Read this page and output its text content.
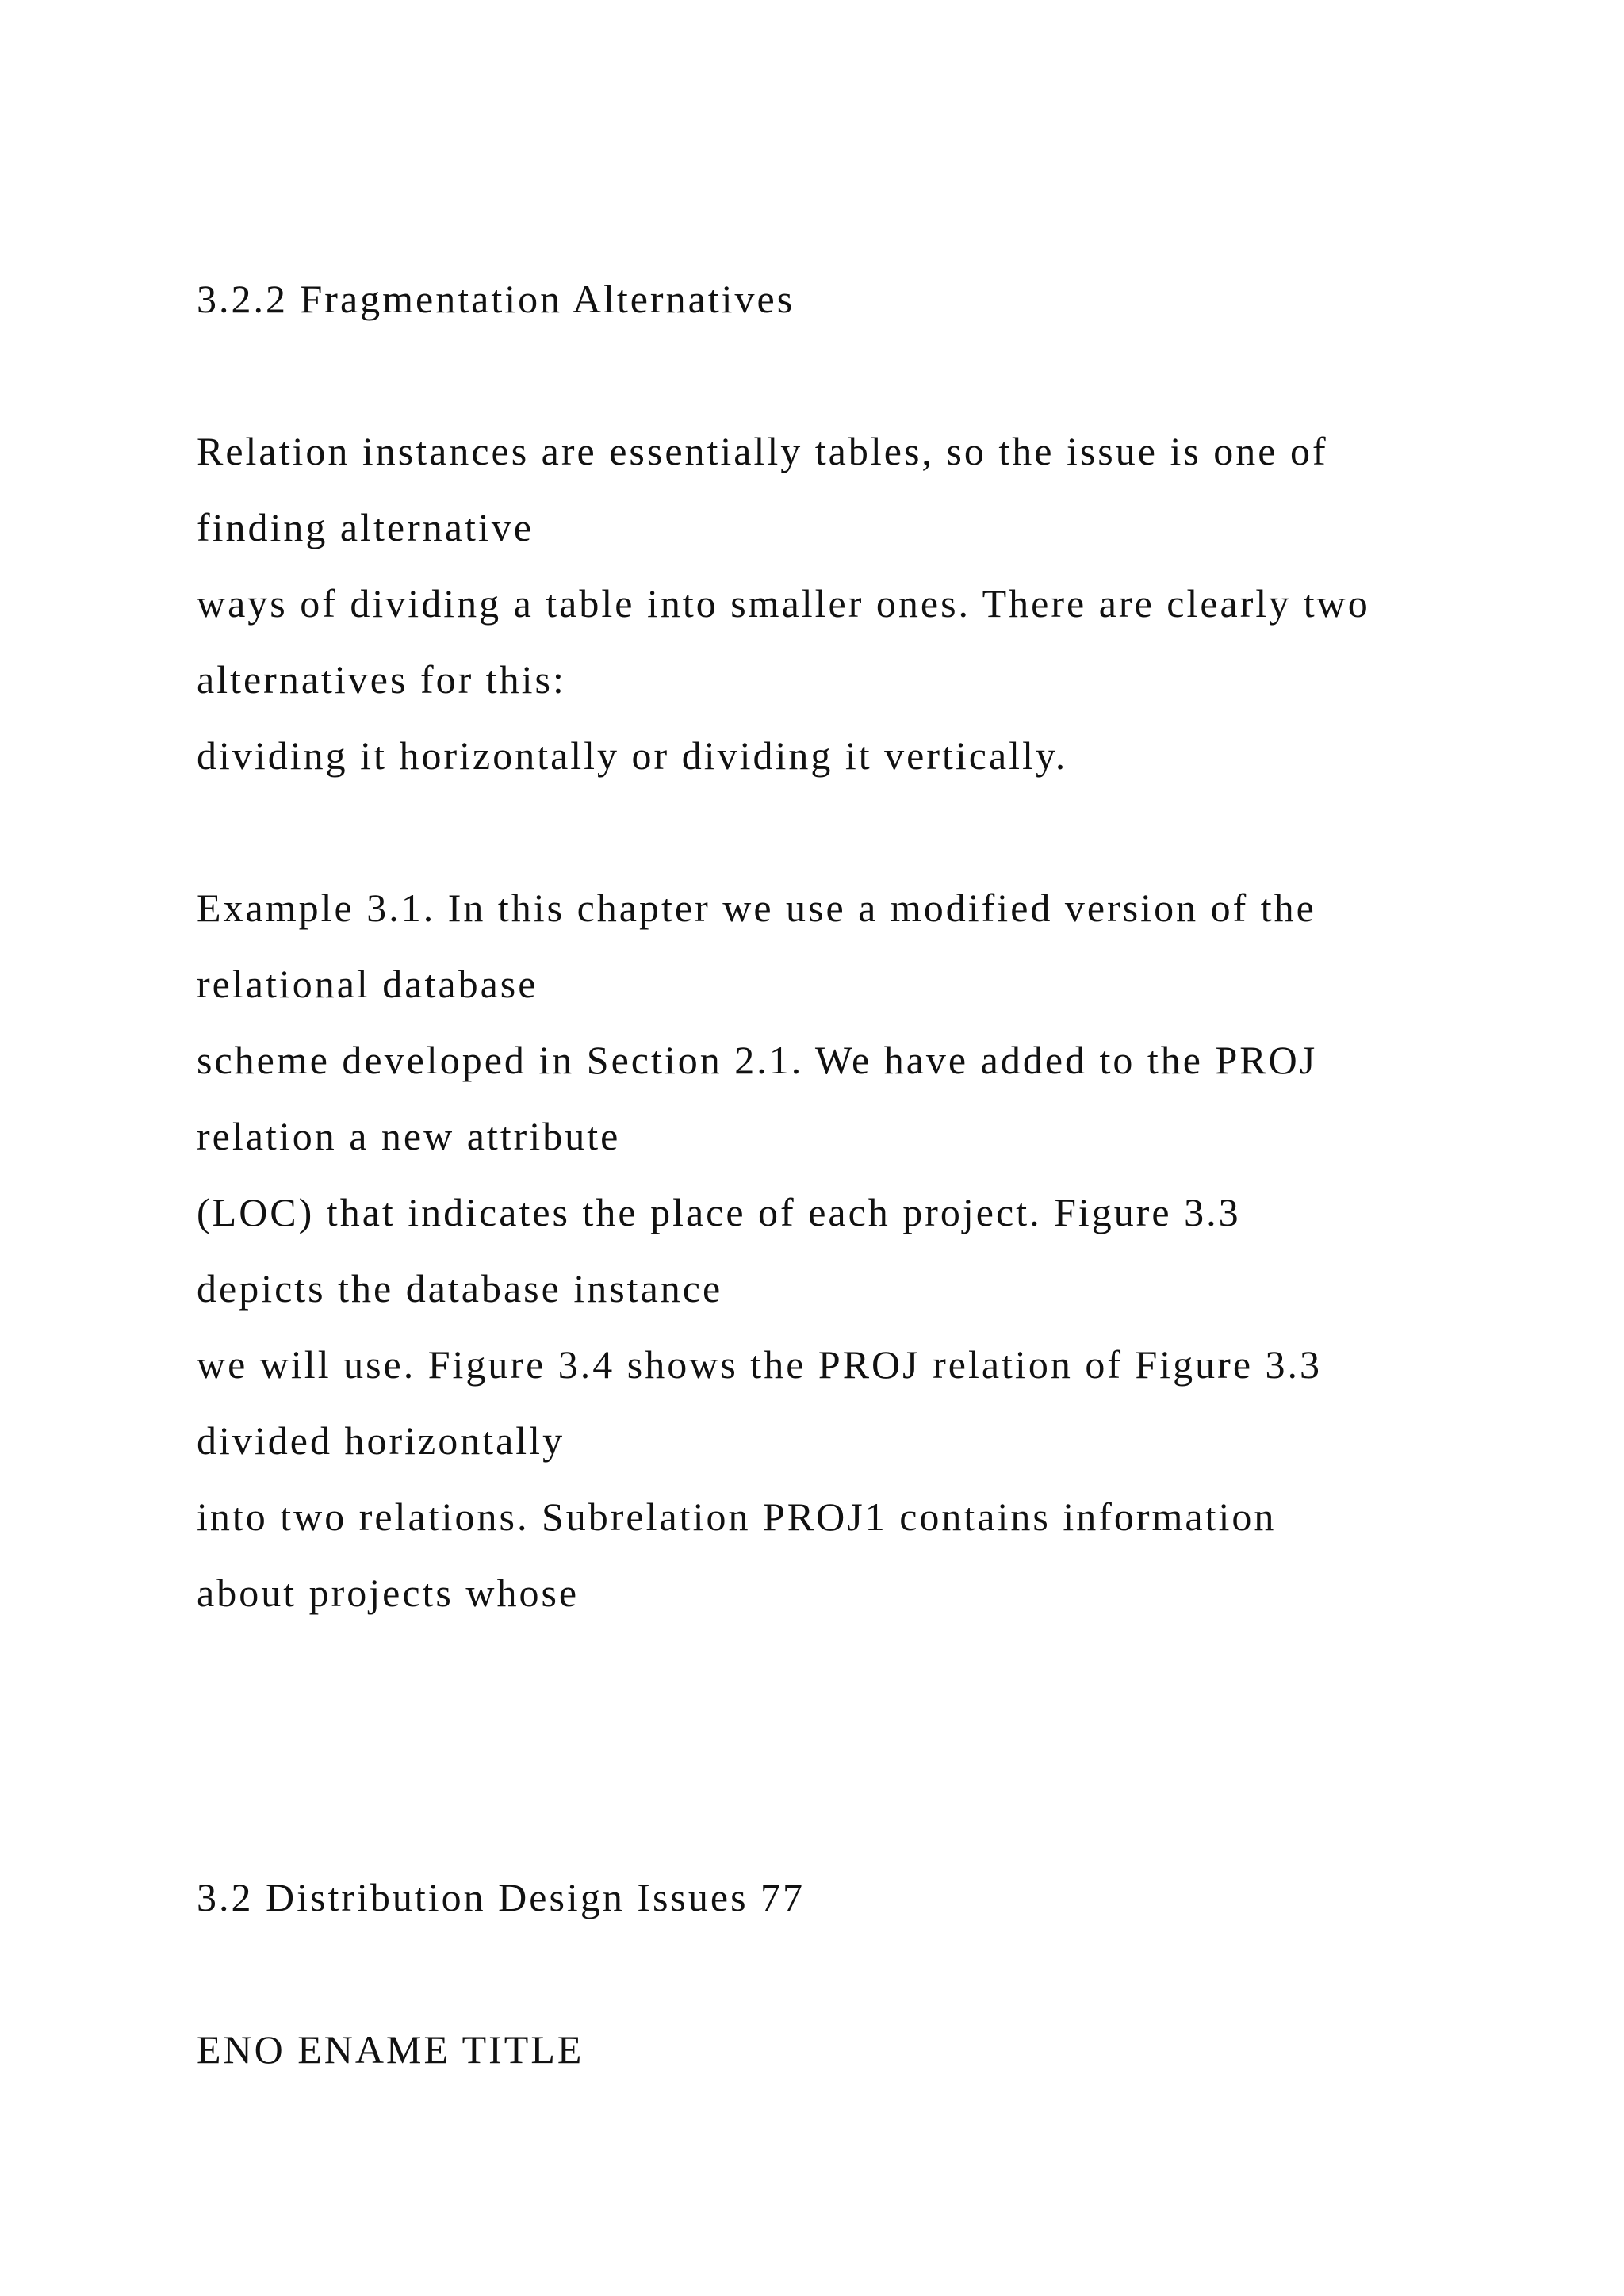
3.2.2 Fragmentation Alternatives

Relation instances are essentially tables, so the issue is one of

finding alternative

ways of dividing a table into smaller ones. There are clearly two

alternatives for this:

dividing it horizontally or dividing it vertically.

Example 3.1. In this chapter we use a modified version of the

relational database

scheme developed in Section 2.1. We have added to the PROJ

relation a new attribute

(LOC) that indicates the place of each project. Figure 3.3

depicts the database instance

we will use. Figure 3.4 shows the PROJ relation of Figure 3.3

divided horizontally

into two relations. Subrelation PROJ1 contains information

about projects whose

3.2 Distribution Design Issues 77

ENO ENAME TITLE
